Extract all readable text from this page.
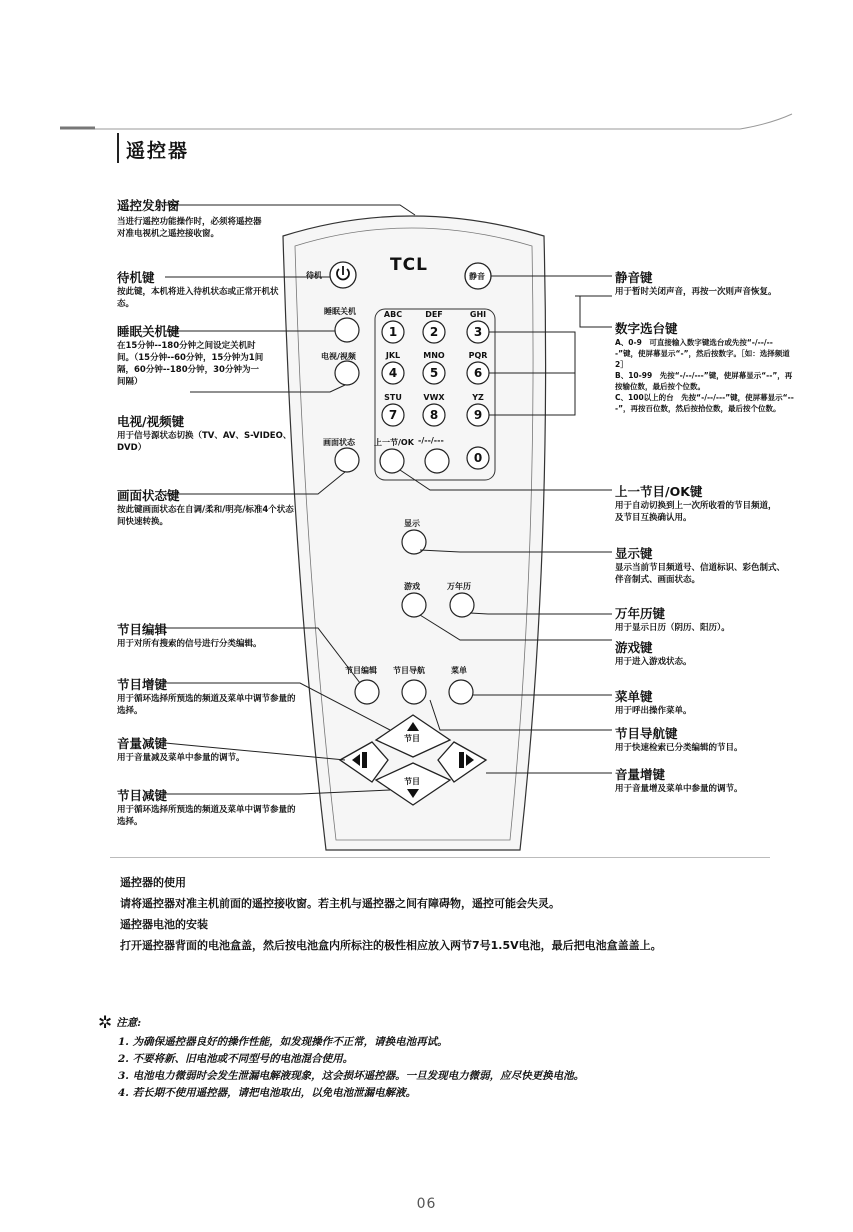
遥控器
TCL
待机	静音
睡眠关机
电视/视频
画面状态 上一节/OK -/--/---
显示
游戏	万年历
节目编辑 节目导航	菜单
节目
节目
ABC	DEF	GHI
JKL	MNO	PQR
STU	VWX	YZ
1	2	3
4	5	6
7	8	9
0
遥控发射窗
当进行遥控功能操作时，必须将遥控器对准电视机之遥控接收窗。
待机键
按此键，本机将进入待机状态或正常开机状态。
睡眠关机键
在15分钟--180分钟之间设定关机时间。（15分钟--60分钟，15分钟为1间隔，60分钟--180分钟，30分钟为一间隔）
电视/视频键
用于信号源状态切换（TV、AV、S-VIDEO、DVD）
画面状态键
按此键画面状态在自调/柔和/明亮/标准4个状态间快速转换。
节目编辑
用于对所有搜索的信号进行分类编辑。
节目增键
用于循环选择所预选的频道及菜单中调节参量的选择。
音量减键
用于音量减及菜单中参量的调节。
节目减键
用于循环选择所预选的频道及菜单中调节参量的选择。
静音键
用于暂时关闭声音，再按一次则声音恢复。
数字选台键
A、0-9　可直接输入数字键选台或先按“-/--/---”键，使屏幕显示“-”，然后按数字。［如：选择频道2］
B、10-99　先按“-/--/---”键，使屏幕显示“--”，再按输位数，最后按个位数。
C、100以上的台　先按“-/--/---”键，使屏幕显示“---”，再按百位数，然后按拾位数，最后按个位数。
上一节目/OK键
用于自动切换到上一次所收看的节目频道，及节目互换确认用。
显示键
显示当前节目频道号、信道标识、彩色制式、伴音制式、画面状态。
万年历键
用于显示日历（阴历、阳历）。
游戏键
用于进入游戏状态。
菜单键
用于呼出操作菜单。
节目导航键
用于快速检索已分类编辑的节目。
音量增键
用于音量增及菜单中参量的调节。

遥控器的使用

请将遥控器对准主机前面的遥控接收窗。若主机与遥控器之间有障碍物，遥控可能会失灵。

遥控器电池的安装

打开遥控器背面的电池盒盖，然后按电池盒内所标注的极性相应放入两节7号1.5V电池，最后把电池盒盖盖上。

✲ 注意:
1. 为确保遥控器良好的操作性能，如发现操作不正常，请换电池再试。
2. 不要将新、旧电池或不同型号的电池混合使用。
3. 电池电力微弱时会发生泄漏电解液现象，这会损坏遥控器。一旦发现电力微弱，应尽快更换电池。
4. 若长期不使用遥控器，请把电池取出，以免电池泄漏电解液。
06
